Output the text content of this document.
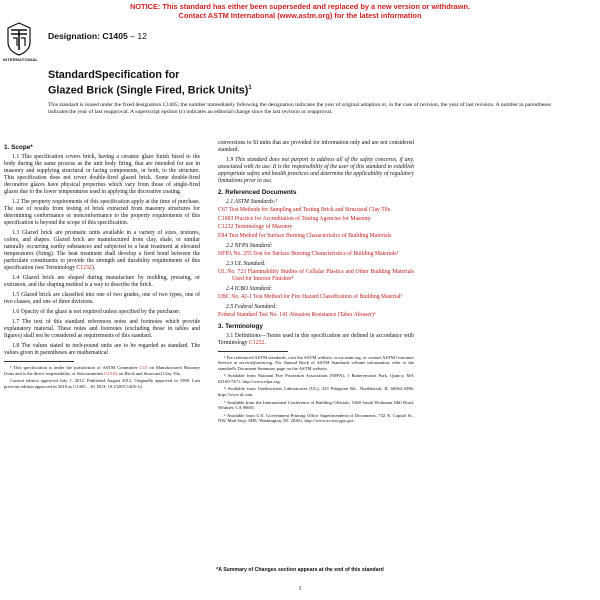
NOTICE: This standard has either been superseded and replaced by a new version or withdrawn.
Contact ASTM International (www.astm.org) for the latest information
INTERNATIONAL
Designation: C1405 – 12
StandardSpecification for
Glazed Brick (Single Fired, Brick Units)$^1$
This standard is issued under the fixed designation C1405; the number immediately following the designation indicates the year of original adoption or, in the case of revision, the year of last revision. A number in parentheses indicates the year of last reapproval. A superscript epsilon (ε) indicates an editorial change since the last revision or reapproval.
1. Scope*
1.1 This specification covers brick, having a ceramic glaze finish fused to the body during the same process as the unit body firing, that are intended for use in masonry and supplying structural or facing components, or both, to the structure. This specification does not cover double-fired glazed brick. Some double-fired decorative glazes have physical properties which vary from those of single-fired glazes due to the lower temperatures used in applying the decorative coating.
1.2 The property requirements of this specification apply at the time of purchase. The use of results from testing of brick extracted from masonry structures for determining conformance or nonconformance to the property requirements of this specification is beyond the scope of this specification.
1.3 Glazed brick are prismatic units available in a variety of sizes, textures, colors, and shapes. Glazed brick are manufactured from clay, shale, or similar naturally occurring earthy substances and subjected to a heat treatment at elevated temperatures (firing). The heat treatment shall develop a fired bond between the particulate constituents to provide the strength and durability requirements of this specification (see Terminology C1232).
1.4 Glazed brick are shaped during manufacture by molding, pressing, or extrusion, and the shaping method is a way to describe the brick.
1.5 Glazed brick are classified into one of two grades, one of two types, one of two classes, and one of three divisions.
1.6 Opacity of the glaze is not required unless specified by the purchaser.
1.7 The text of this standard references notes and footnotes which provide explanatory material. These notes and footnotes (excluding those in tables and figures) shall not be considered as requirements of this standard.
1.8 The values stated in inch-pound units are to be regarded as standard. The values given in parentheses are mathematical
¹ This specification is under the jurisdiction of ASTM Committee C15 on Manufactured Masonry Units and is the direct responsibility of Subcommittee C15.02 on Brick and Structural Clay Tile.
Current edition approved July 1, 2012. Published August 2012. Originally approved in 1998. Last previous edition approved in 2010 as C1405 – 10. DOI: 10.1520/C1405-12.
conversions to SI units that are provided for information only and are not considered standard.
1.9 This standard does not purport to address all of the safety concerns, if any, associated with its use. It is the responsibility of the user of this standard to establish appropriate safety and health practices and determine the applicability of regulatory limitations prior to use.
2. Referenced Documents
2.1 ASTM Standards:²
C67 Test Methods for Sampling and Testing Brick and Structural Clay Tile
C1093 Practice for Accreditation of Testing Agencies for Masonry
C1232 Terminology of Masonry
E84 Test Method for Surface Burning Characteristics of Building Materials
2.2 NFPA Standard:
NFPA No. 255 Test for Surface Burning Characteristics of Building Materials³
2.3 UL Standard:
UL No. 723 Flammability Studies of Cellular Plastics and Other Building Materials Used for Interior Finishes⁴
2.4 ICBO Standard:
UBC No. 42-1 Test Method for Fire Hazard Classification of Building Material⁵
2.5 Federal Standard:
Federal Standard Test No. 141 Abrasion Resistance (Taber Abraser)⁶
3. Terminology
3.1 Definitions—Terms used in this specification are defined in accordance with Terminology C1232.
² For referenced ASTM standards, visit the ASTM website, www.astm.org, or contact ASTM Customer Service at service@astm.org. For Annual Book of ASTM Standards volume information, refer to the standard's Document Summary page on the ASTM website.
³ Available from National Fire Protection Association (NFPA), 1 Batterymarch Park, Quincy, MA 02169-7471, http://www.nfpa.org.
⁴ Available from Underwriters Laboratories (UL), 333 Pfingsten Rd., Northbrook, IL 60062-2096, http://www.ul.com.
⁵ Available from the International Conference of Building Officials, 5360 South Workman Mill Road, Whittier, CA 90601.
⁶ Available from U.S. Government Printing Office Superintendent of Documents, 732 N. Capitol St., NW, Mail Stop: SDE, Washington, DC 20401, http://www.access.gpo.gov.
*A Summary of Changes section appears at the end of this standard
1
